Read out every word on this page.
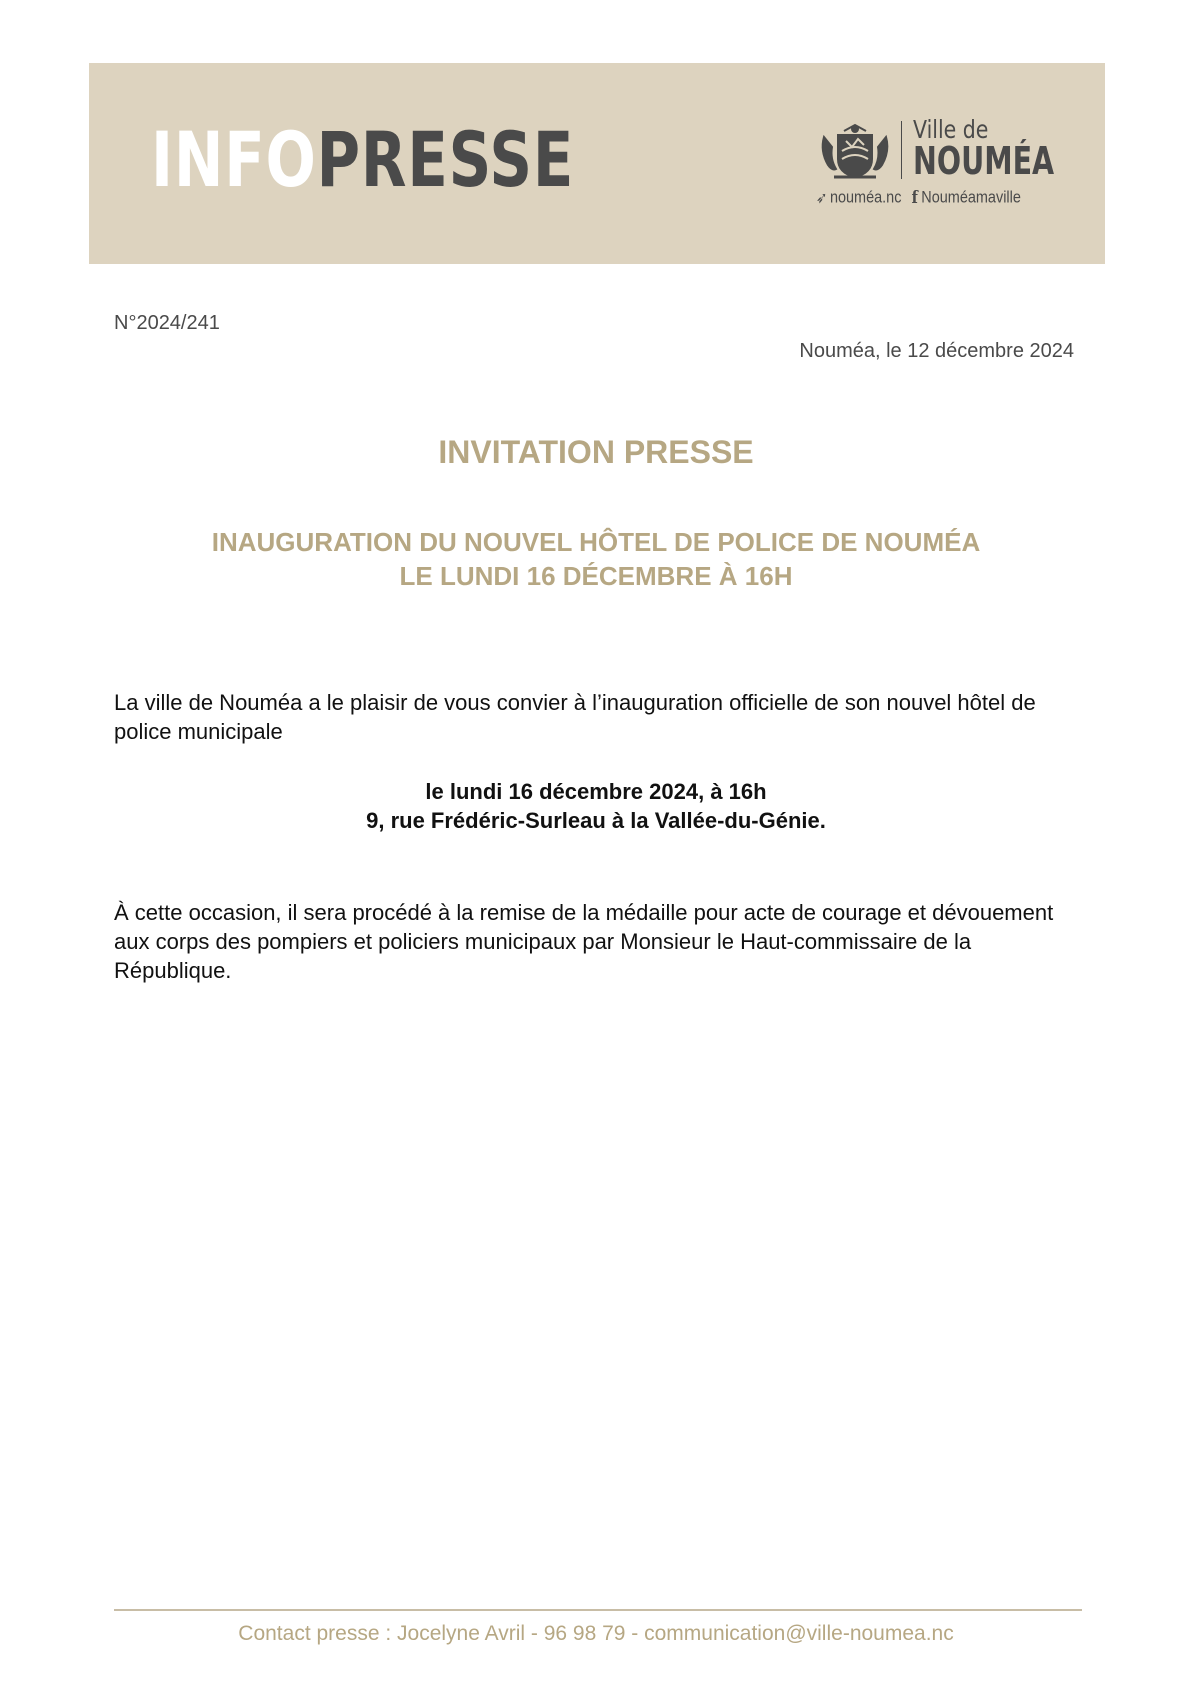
INFOPRESSE	Ville de
NOUMÉA
➶ nouméa.nc f Nouméamaville
N°2024/241
Nouméa, le 12 décembre 2024
INVITATION PRESSE
INAUGURATION DU NOUVEL HÔTEL DE POLICE DE NOUMÉA
LE LUNDI 16 DÉCEMBRE À 16H
La ville de Nouméa a le plaisir de vous convier à l’inauguration officielle de son nouvel hôtel de police municipale
le lundi 16 décembre 2024, à 16h
9, rue Frédéric-Surleau à la Vallée-du-Génie.
À cette occasion, il sera procédé à la remise de la médaille pour acte de courage et dévouement aux corps des pompiers et policiers municipaux par Monsieur le Haut-commissaire de la République.
Contact presse : Jocelyne Avril - 96 98 79 - communication@ville-noumea.nc
